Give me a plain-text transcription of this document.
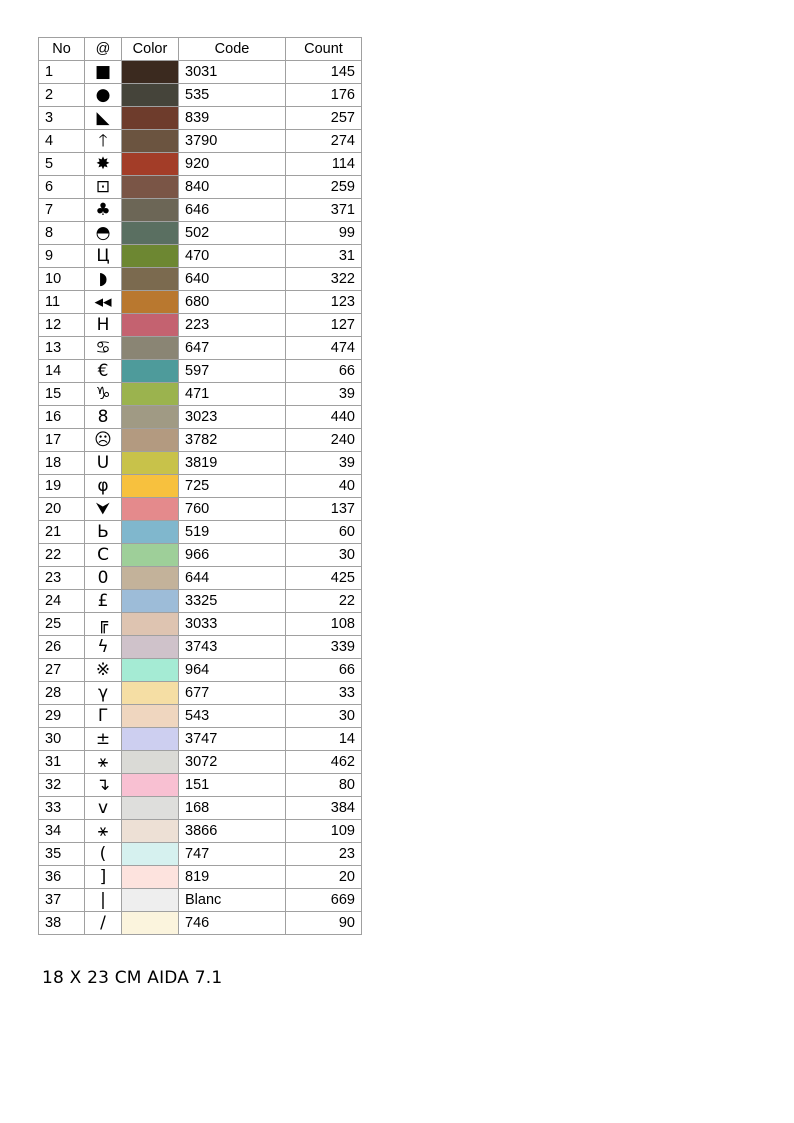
No	@	Color	Code	Count
1	■		3031	145
2	●		535	176
3	◣		839	257
4	🡑		3790	274
5	✸		920	114
6	⊡		840	259
7	♣		646	371
8	◓		502	99
9	Ц		470	31
10	◗		640	322
11	◂◂		680	123
12	Н		223	127
13	♋		647	474
14	€		597	66
15	♑		471	39
16	8		3023	440
17	☹		3782	240
18	U		3819	39
19	φ		725	40
20	⮟		760	137
21	Ь		519	60
22	C		966	30
23	0		644	425
24	£		3325	22
25	╔		3033	108
26	ϟ		3743	339
27	※		964	66
28	γ		677	33
29	Г		543	30
30	±		3747	14
31	⚹		3072	462
32	↴		151	80
33	v		168	384
34	⚹		3866	109
35	(		747	23
36	]		819	20
37	|		Blanc	669
38	/		746	90
18 X 23 CM AIDA 7.1
